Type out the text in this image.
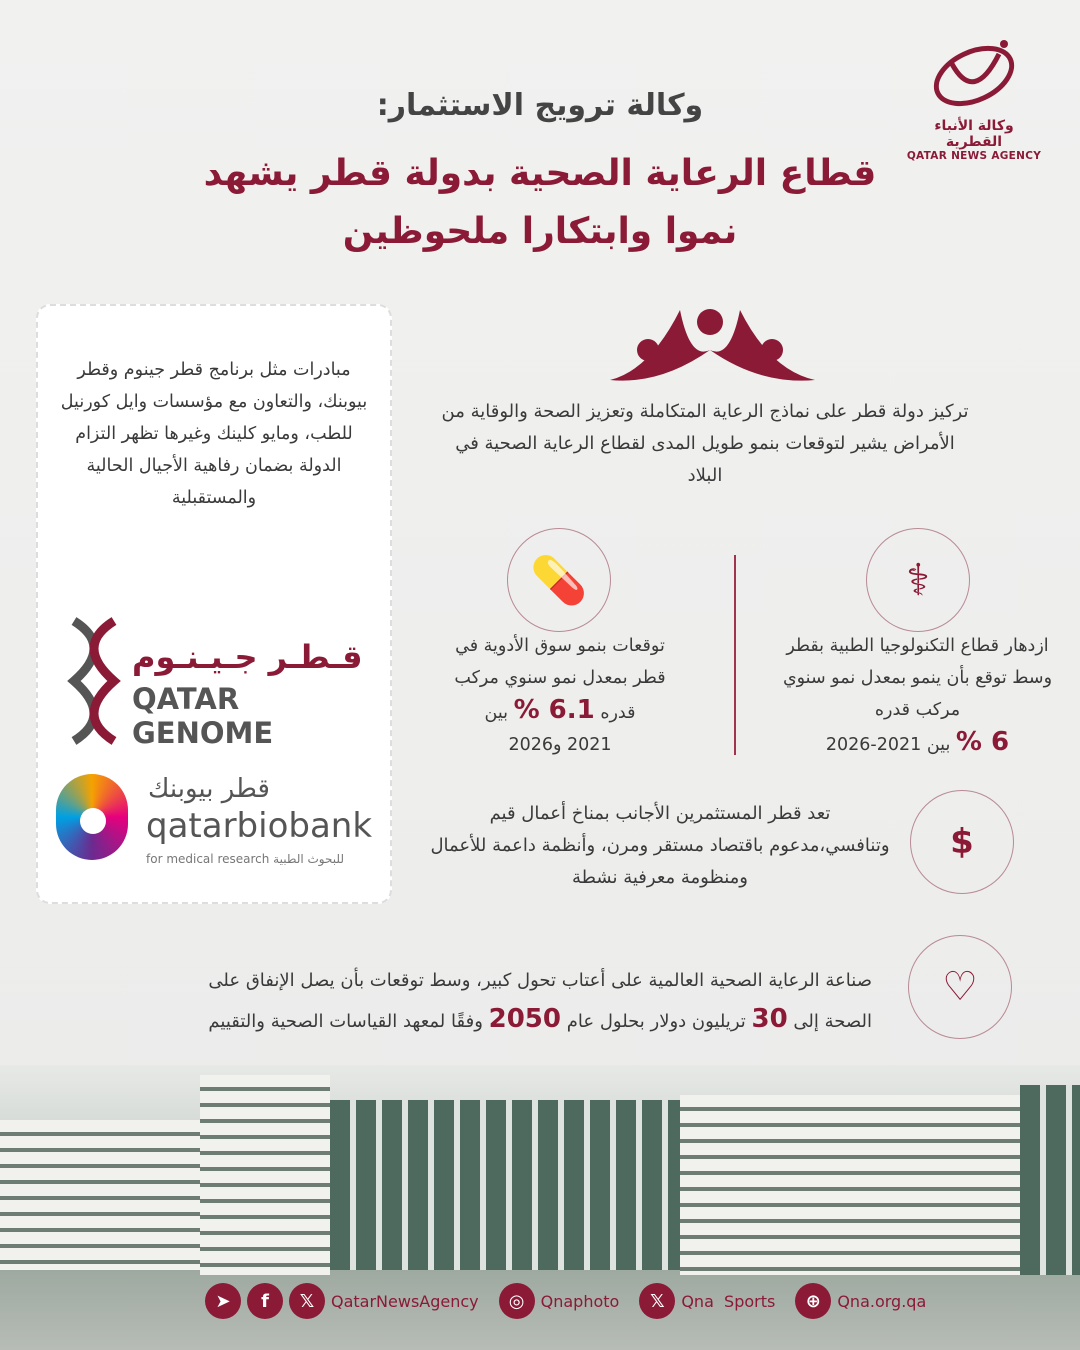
وكالة الأنباء القطرية
QATAR NEWS AGENCY
وكالة ترويج الاستثمار:
قطاع الرعاية الصحية بدولة قطر يشهد نموا وابتكارا ملحوظين
مبادرات مثل برنامج قطر جينوم وقطر بيوبنك، والتعاون مع مؤسسات وايل كورنيل للطب، ومايو كلينك وغيرها تظهر التزام الدولة بضمان رفاهية الأجيال الحالية والمستقبلية
قـطـر جـيـنـوم
QATAR GENOME
قطر بيوبنك
qatarbiobank
for medical research للبحوث الطبية
تركيز دولة قطر على نماذج الرعاية المتكاملة وتعزيز الصحة والوقاية من الأمراض يشير لتوقعات بنمو طويل المدى لقطاع الرعاية الصحية في البلاد
💊	⚕
ازدهار قطاع التكنولوجيا الطبية بقطر وسط توقع بأن ينمو بمعدل نمو سنوي مركب قدره
6 % بين 2021-2026
توقعات بنمو سوق الأدوية في قطر بمعدل نمو سنوي مركب قدره 6.1 % بين
2021 و2026
$
تعد قطر المستثمرين الأجانب بمناخ أعمال قيم وتنافسي،مدعوم باقتصاد مستقر ومرن، وأنظمة داعمة للأعمال ومنظومة معرفية نشطة
♡
صناعة الرعاية الصحية العالمية على أعتاب تحول كبير، وسط توقعات بأن يصل الإنفاق على
الصحة إلى 30 تريليون دولار بحلول عام 2050 وفقًا لمعهد القياسات الصحية والتقييم
➤	f	𝕏	QatarNewsAgency	◎	Qnaphoto	𝕏	Qna  Sports	⊕	Qna.org.qa
